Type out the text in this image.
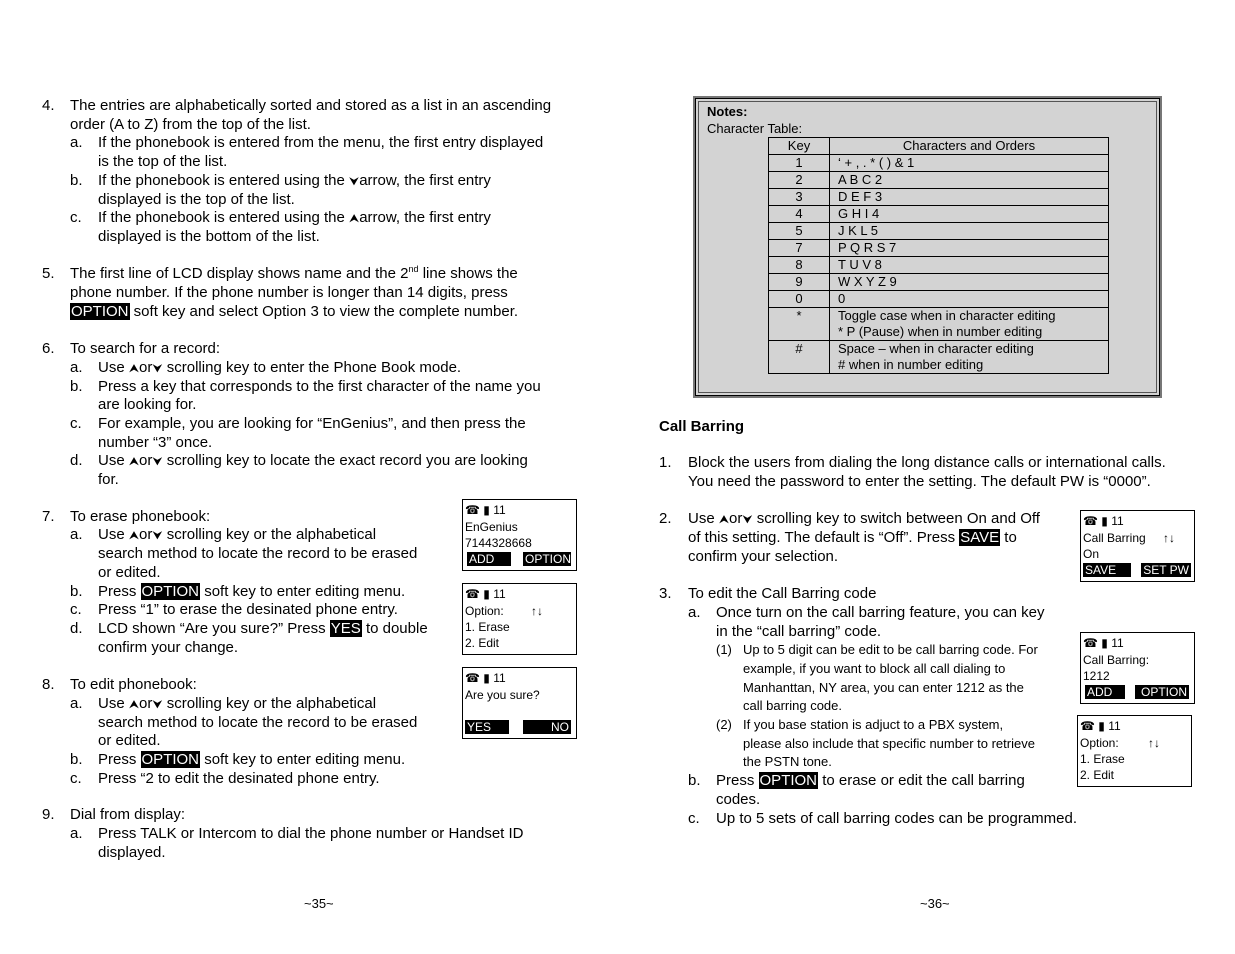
4. The entries are alphabetically sorted and stored as a list in an ascending
order (A to Z) from the top of the list.
a. If the phonebook is entered from the menu, the first entry displayed
is the top of the list.
b. If the phonebook is entered using the ⮟arrow, the first entry
displayed is the top of the list.
c. If the phonebook is entered using the ⮝arrow, the first entry
displayed is the bottom of the list.
5. The first line of LCD display shows name and the 2nd line shows the
phone number. If the phone number is longer than 14 digits, press
OPTION soft key and select Option 3 to view the complete number.
6. To search for a record:
a. Use ⮝or⮟ scrolling key to enter the Phone Book mode.
b. Press a key that corresponds to the first character of the name you
are looking for.
c. For example, you are looking for “EnGenius”, and then press the
number “3” once.
d. Use ⮝or⮟ scrolling key to locate the exact record you are looking
for.
7. To erase phonebook:
a. Use ⮝or⮟ scrolling key or the alphabetical
search method to locate the record to be erased
or edited.
b. Press OPTION soft key to enter editing menu.
c. Press “1” to erase the desinated phone entry.
d. LCD shown “Are you sure?” Press YES to double
confirm your change.
8. To edit phonebook:
a. Use ⮝or⮟ scrolling key or the alphabetical
search method to locate the record to be erased
or edited.
b. Press OPTION soft key to enter editing menu.
c. Press “2 to edit the desinated phone entry.
9. Dial from display:
a. Press TALK or Intercom to dial the phone number or Handset ID
displayed.
☎ ▮ 11
EnGenius
7144328668
ADD	OPTION
☎ ▮ 11
Option: ↑↓
1. Erase
2. Edit
☎ ▮ 11
Are you sure?
YES	NO
~35~
Notes:
Character Table:
Key	Characters and Orders
1	‘ + , . * ( ) & 1
2	A B C 2
3	D E F 3
4	G H I 4
5	J K L 5
7	P Q R S 7
8	T U V 8
9	W X Y Z 9
0	0
*	Toggle case when in character editing
* P (Pause) when in number editing

#	Space – when in character editing
# when in number editing
Call Barring
1. Block the users from dialing the long distance calls or international calls.
You need the password to enter the setting. The default PW is “0000”.
2. Use ⮝or⮟ scrolling key to switch between On and Off
of this setting. The default is “Off”. Press SAVE to
confirm your selection.
3. To edit the Call Barring code
a. Once turn on the call barring feature, you can key
in the “call barring” code.
(1) Up to 5 digit can be edit to be call barring code. For
example, if you want to block all call dialing to
Manhanttan, NY area, you can enter 1212 as the
call barring code.
(2) If you base station is adjuct to a PBX system,
please also include that specific number to retrieve
the PSTN tone.
b. Press OPTION to erase or edit the call barring
codes.
c. Up to 5 sets of call barring codes can be programmed.
☎ ▮ 11
Call Barring ↑↓
On
SAVE	SET PW
☎ ▮ 11
Call Barring:
1212
ADD	OPTION
☎ ▮ 11
Option: ↑↓
1. Erase
2. Edit
~36~
